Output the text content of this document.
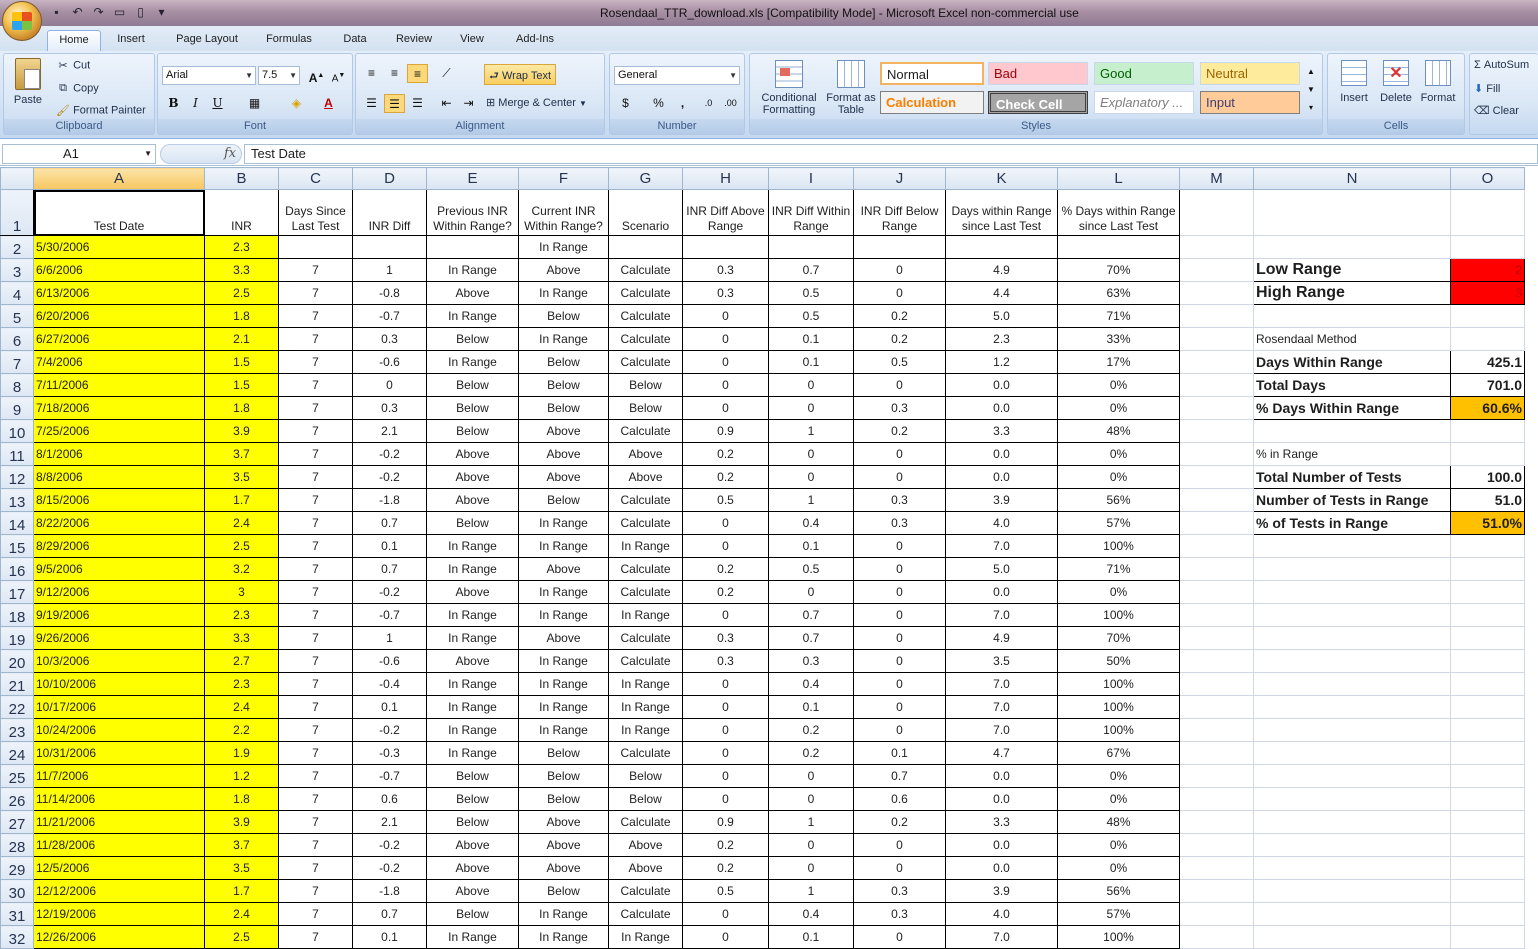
▪	↶ ↷ ▭	▯	▾	Rosendaal_TTR_download.xls [Compatibility Mode] - Microsoft Excel non-commercial use
Home	Insert	Page Layout	Formulas	Data	Review	View	Add-Ins
Paste
✂ Cut
⧉ Copy
🖌 Format Painter
Clipboard
Arial	▼ 7.5 ▼ A▲ A▼
B	I	U	▦	◈	A
Font
≡	≡	≡	⟋	⮐ Wrap Text
☰	☰	☰	⇤ ⇥	⊞ Merge & Center ▼
Alignment
General	▼
$	%	,	.0	.00
Number
Conditional Formatting
Format as Table
Normal	Bad	Good	Neutral
Calculation	Check Cell	Explanatory ...	Input
▲
▼
▾
Styles
Insert
✕
Delete Format
Cells
Σ AutoSum
⬇ Fill
⌫ Clear
A1	▼	fx	Test Date
	A	B	C	D	E	F	G	H	I	J	K	L	M	N	O
1	Test Date	INR	Days Since Last Test	INR Diff	Previous INR Within Range?	Current INR Within Range?	Scenario	INR Diff Above Range	INR Diff Within Range	INR Diff Below Range	Days within Range since Last Test	% Days within Range since Last Test			
2	5/30/2006	2.3				In Range									
3	6/6/2006	3.3	7	1	In Range	Above	Calculate	0.3	0.7	0	4.9	70%		Low Range	2
4	6/13/2006	2.5	7	-0.8	Above	In Range	Calculate	0.3	0.5	0	4.4	63%		High Range	3
5	6/20/2006	1.8	7	-0.7	In Range	Below	Calculate	0	0.5	0.2	5.0	71%			
6	6/27/2006	2.1	7	0.3	Below	In Range	Calculate	0	0.1	0.2	2.3	33%		Rosendaal Method	
7	7/4/2006	1.5	7	-0.6	In Range	Below	Calculate	0	0.1	0.5	1.2	17%		Days Within Range	425.1
8	7/11/2006	1.5	7	0	Below	Below	Below	0	0	0	0.0	0%		Total Days	701.0
9	7/18/2006	1.8	7	0.3	Below	Below	Below	0	0	0.3	0.0	0%		% Days Within Range	60.6%
10	7/25/2006	3.9	7	2.1	Below	Above	Calculate	0.9	1	0.2	3.3	48%			
11	8/1/2006	3.7	7	-0.2	Above	Above	Above	0.2	0	0	0.0	0%		% in Range	
12	8/8/2006	3.5	7	-0.2	Above	Above	Above	0.2	0	0	0.0	0%		Total Number of Tests	100.0
13	8/15/2006	1.7	7	-1.8	Above	Below	Calculate	0.5	1	0.3	3.9	56%		Number of Tests in Range	51.0
14	8/22/2006	2.4	7	0.7	Below	In Range	Calculate	0	0.4	0.3	4.0	57%		% of Tests in Range	51.0%
15	8/29/2006	2.5	7	0.1	In Range	In Range	In Range	0	0.1	0	7.0	100%			
16	9/5/2006	3.2	7	0.7	In Range	Above	Calculate	0.2	0.5	0	5.0	71%			
17	9/12/2006	3	7	-0.2	Above	In Range	Calculate	0.2	0	0	0.0	0%			
18	9/19/2006	2.3	7	-0.7	In Range	In Range	In Range	0	0.7	0	7.0	100%			
19	9/26/2006	3.3	7	1	In Range	Above	Calculate	0.3	0.7	0	4.9	70%			
20	10/3/2006	2.7	7	-0.6	Above	In Range	Calculate	0.3	0.3	0	3.5	50%			
21	10/10/2006	2.3	7	-0.4	In Range	In Range	In Range	0	0.4	0	7.0	100%			
22	10/17/2006	2.4	7	0.1	In Range	In Range	In Range	0	0.1	0	7.0	100%			
23	10/24/2006	2.2	7	-0.2	In Range	In Range	In Range	0	0.2	0	7.0	100%			
24	10/31/2006	1.9	7	-0.3	In Range	Below	Calculate	0	0.2	0.1	4.7	67%			
25	11/7/2006	1.2	7	-0.7	Below	Below	Below	0	0	0.7	0.0	0%			
26	11/14/2006	1.8	7	0.6	Below	Below	Below	0	0	0.6	0.0	0%			
27	11/21/2006	3.9	7	2.1	Below	Above	Calculate	0.9	1	0.2	3.3	48%			
28	11/28/2006	3.7	7	-0.2	Above	Above	Above	0.2	0	0	0.0	0%			
29	12/5/2006	3.5	7	-0.2	Above	Above	Above	0.2	0	0	0.0	0%			
30	12/12/2006	1.7	7	-1.8	Above	Below	Calculate	0.5	1	0.3	3.9	56%			
31	12/19/2006	2.4	7	0.7	Below	In Range	Calculate	0	0.4	0.3	4.0	57%			
32	12/26/2006	2.5	7	0.1	In Range	In Range	In Range	0	0.1	0	7.0	100%			
